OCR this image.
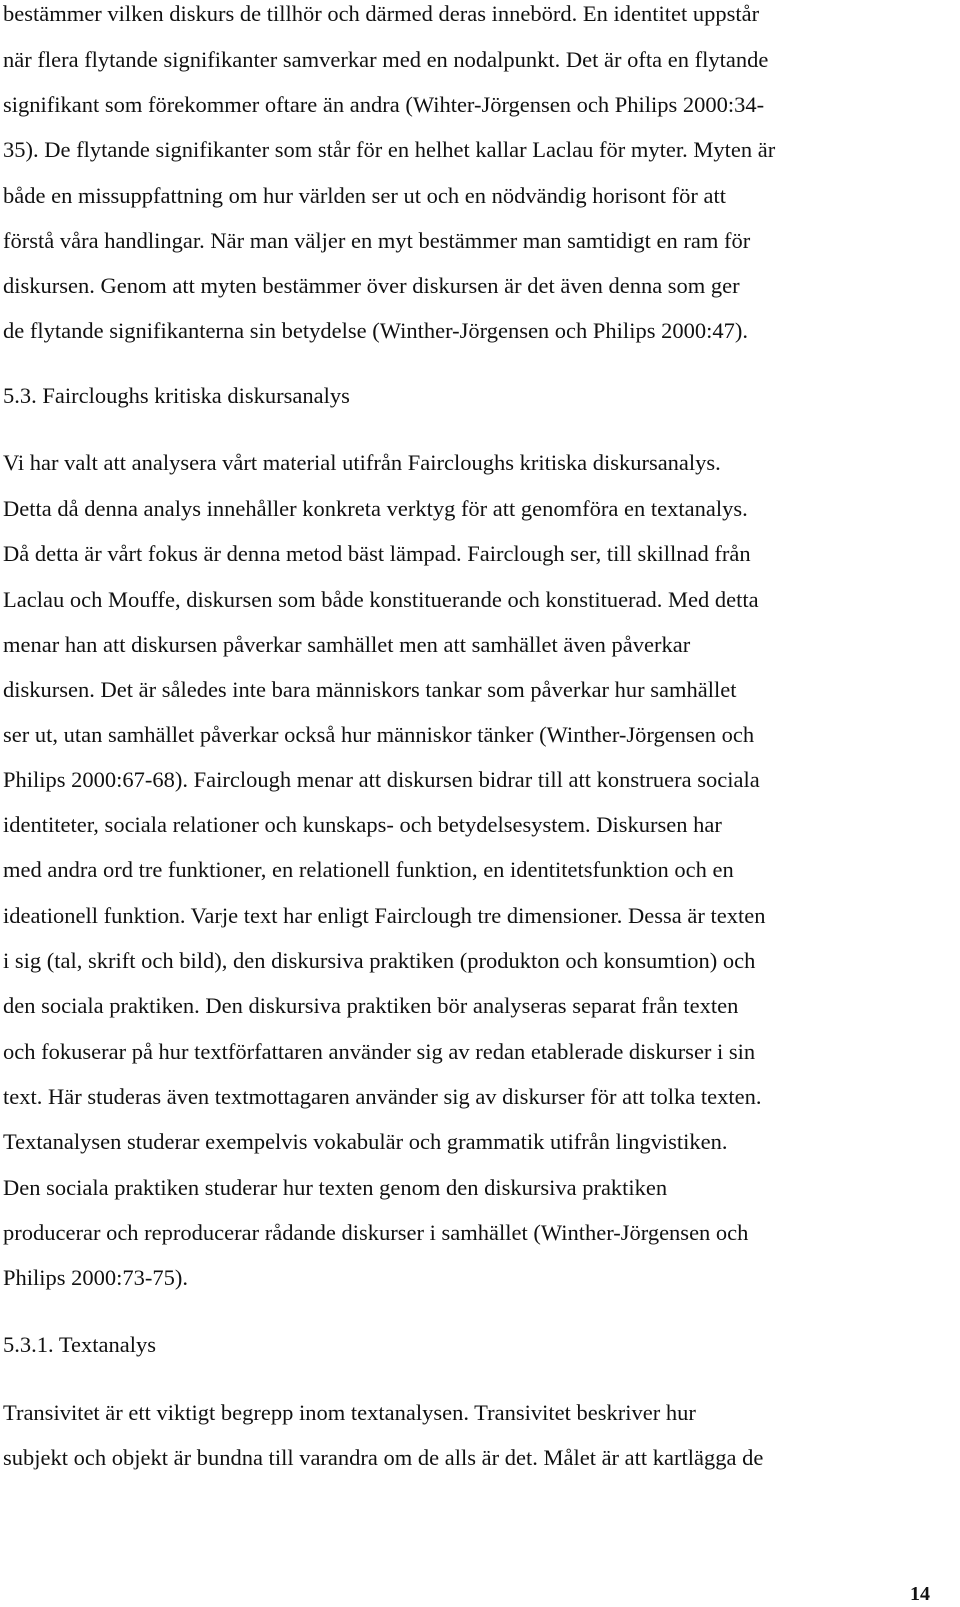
bestämmer vilken diskurs de tillhör och därmed deras innebörd. En identitet uppstår
när flera flytande signifikanter samverkar med en nodalpunkt. Det är ofta en flytande
signifikant som förekommer oftare än andra (Wihter-Jörgensen och Philips 2000:34-
35). De flytande signifikanter som står för en helhet kallar Laclau för myter. Myten är
både en missuppfattning om hur världen ser ut och en nödvändig horisont för att
förstå våra handlingar. När man väljer en myt bestämmer man samtidigt en ram för
diskursen. Genom att myten bestämmer över diskursen är det även denna som ger
de flytande signifikanterna sin betydelse (Winther-Jörgensen och Philips 2000:47).
5.3. Faircloughs kritiska diskursanalys
Vi har valt att analysera vårt material utifrån Faircloughs kritiska diskursanalys.
Detta då denna analys innehåller konkreta verktyg för att genomföra en textanalys.
Då detta är vårt fokus är denna metod bäst lämpad. Fairclough ser, till skillnad från
Laclau och Mouffe, diskursen som både konstituerande och konstituerad. Med detta
menar han att diskursen påverkar samhället men att samhället även påverkar
diskursen. Det är således inte bara människors tankar som påverkar hur samhället
ser ut, utan samhället påverkar också hur människor tänker (Winther-Jörgensen och
Philips 2000:67-68). Fairclough menar att diskursen bidrar till att konstruera sociala
identiteter, sociala relationer och kunskaps- och betydelsesystem. Diskursen har
med andra ord tre funktioner, en relationell funktion, en identitetsfunktion och en
ideationell funktion. Varje text har enligt Fairclough tre dimensioner. Dessa är texten
i sig (tal, skrift och bild), den diskursiva praktiken (produkton och konsumtion) och
den sociala praktiken. Den diskursiva praktiken bör analyseras separat från texten
och fokuserar på hur textförfattaren använder sig av redan etablerade diskurser i sin
text. Här studeras även textmottagaren använder sig av diskurser för att tolka texten.
Textanalysen studerar exempelvis vokabulär och grammatik utifrån lingvistiken.
Den sociala praktiken studerar hur texten genom den diskursiva praktiken
producerar och reproducerar rådande diskurser i samhället (Winther-Jörgensen och
Philips 2000:73-75).
5.3.1. Textanalys
Transivitet är ett viktigt begrepp inom textanalysen. Transivitet beskriver hur
subjekt och objekt är bundna till varandra om de alls är det. Målet är att kartlägga de
14
